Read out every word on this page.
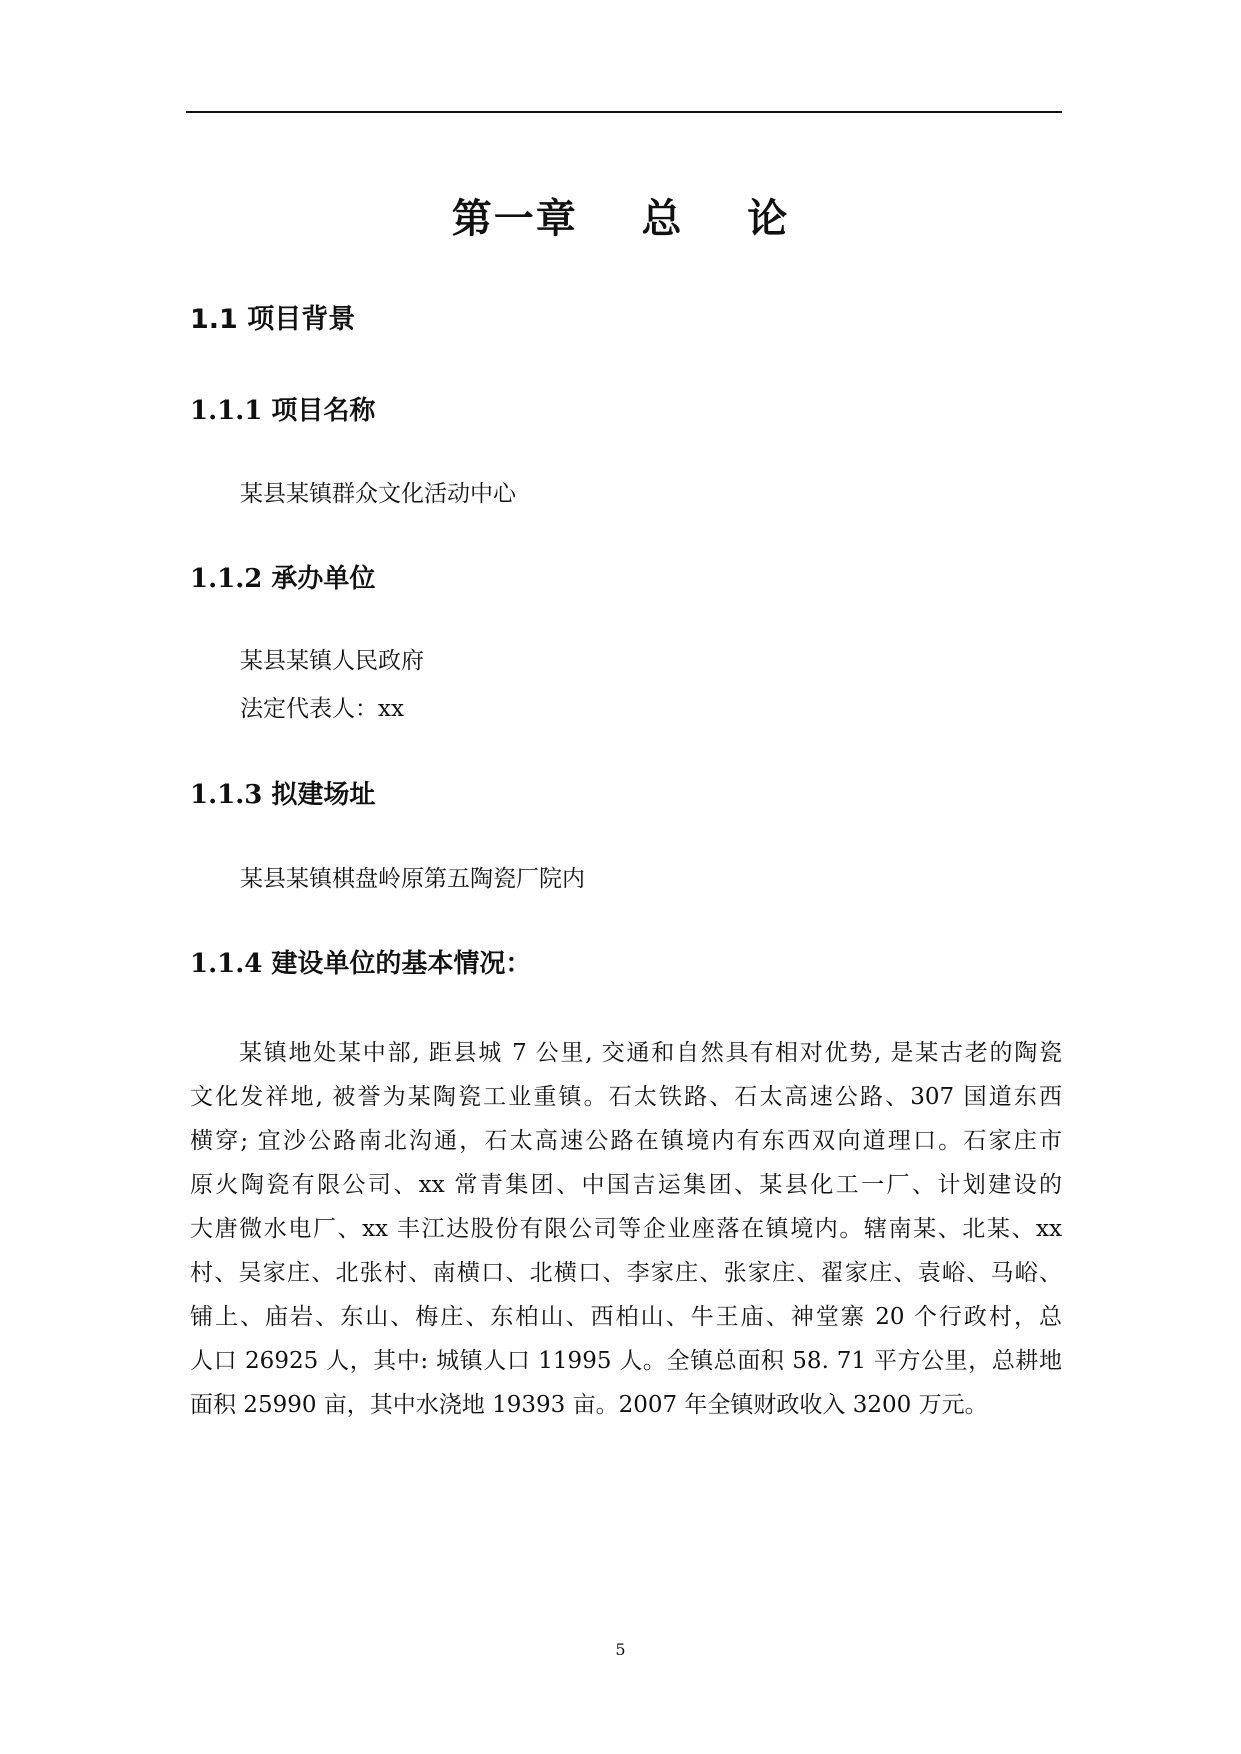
第一章    总    论
1.1 项目背景
1.1.1 项目名称
某县某镇群众文化活动中心
1.1.2 承办单位
某县某镇人民政府
法定代表人：xx
1.1.3 拟建场址
某县某镇棋盘岭原第五陶瓷厂院内
1.1.4 建设单位的基本情况：
某镇地处某中部, 距县城 7 公里, 交通和自然具有相对优势, 是某古老的陶瓷
文化发祥地, 被誉为某陶瓷工业重镇。石太铁路、石太高速公路、307 国道东西
横穿; 宜沙公路南北沟通，石太高速公路在镇境内有东西双向道理口。石家庄市
原火陶瓷有限公司、xx 常青集团、中国吉运集团、某县化工一厂、计划建设的
大唐微水电厂、xx 丰江达股份有限公司等企业座落在镇境内。辖南某、北某、xx
村、吴家庄、北张村、南横口、北横口、李家庄、张家庄、翟家庄、袁峪、马峪、
铺上、庙岩、东山、梅庄、东柏山、西柏山、牛王庙、神堂寨 20 个行政村，总
人口 26925 人，其中: 城镇人口 11995 人。全镇总面积 58. 71 平方公里，总耕地
面积 25990 亩，其中水浇地 19393 亩。2007 年全镇财政收入 3200 万元。
5
